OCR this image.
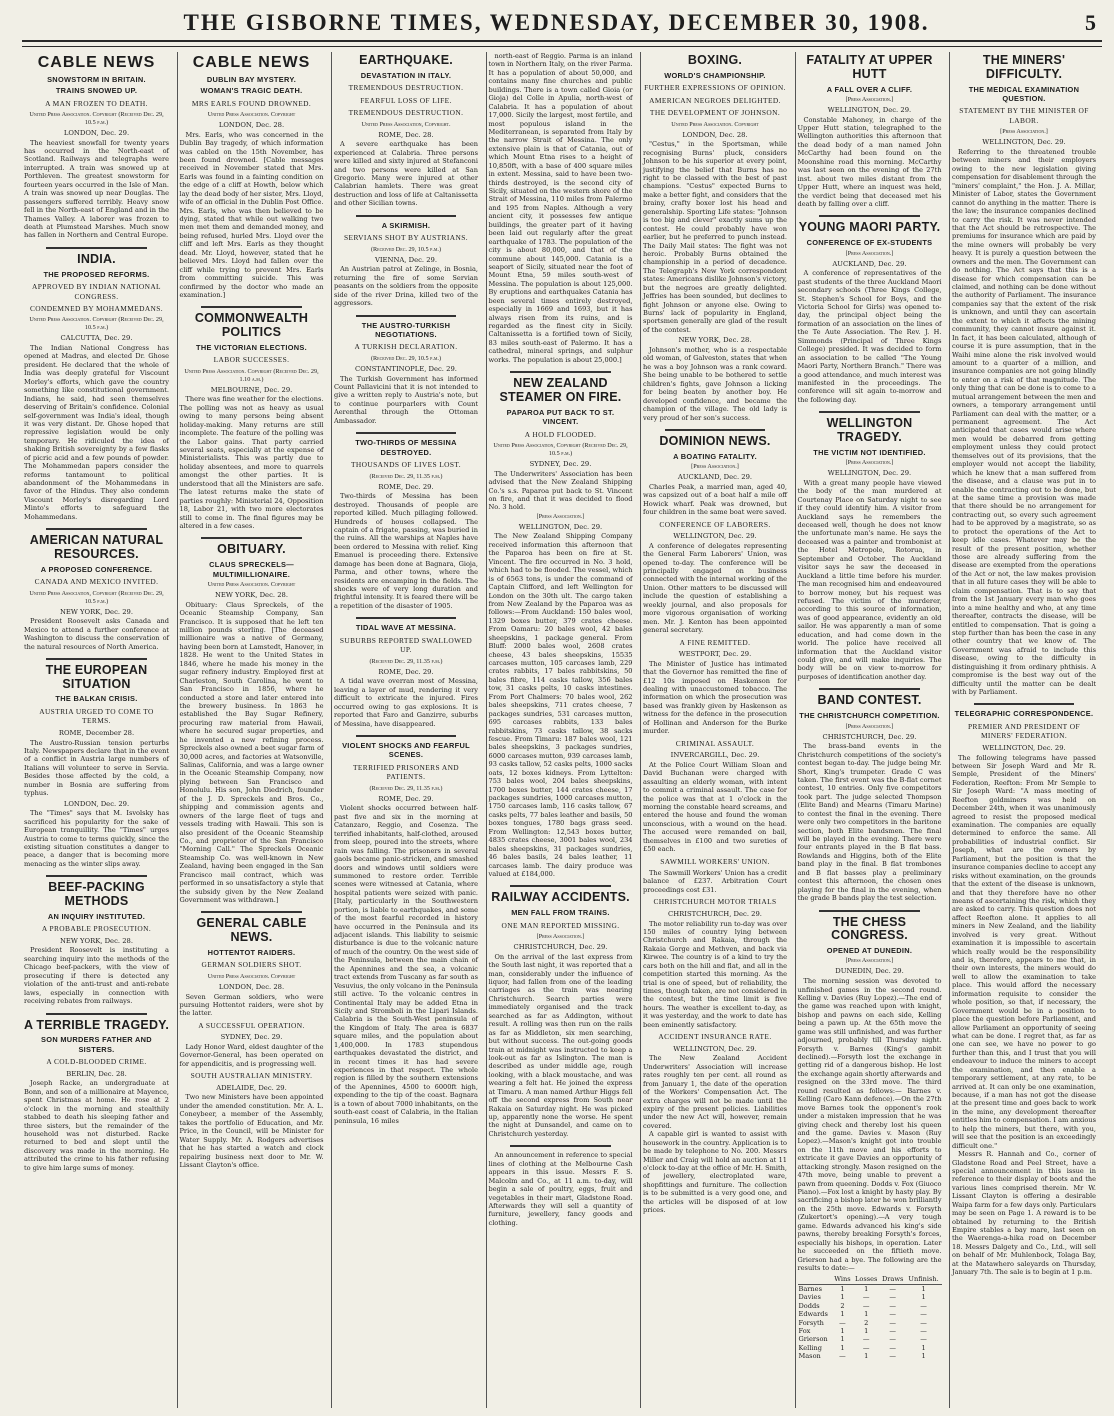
THE GISBORNE TIMES, WEDNESDAY, DECEMBER 30, 1908.	5
CABLE NEWS
SNOWSTORM IN BRITAIN.
TRAINS SNOWED UP.
A MAN FROZEN TO DEATH.
United Press Association. Copyright (Received Dec. 29, 10.5 p.m.)
LONDON, Dec. 29.
The heaviest snowfall for twenty years has occurred in the North-east of Scotland. Railways and telegraphs were interrupted. A train was snowed up at Porthleven. The greatest snowstorm for fourteen years occurred in the Isle of Man. A train was snowed up near Douglas. The passengers suffered terribly. Heavy snow fell in the North-east of England and in the Thames Valley. A laborer was frozen to death at Plumstead Marshes. Much snow has fallen in Northern and Central Europe.
INDIA.
THE PROPOSED REFORMS.
APPROVED BY INDIAN NATIONAL CONGRESS.
CONDEMNED BY MOHAMMEDANS.
United Press Association. Copyright (Received Dec. 29, 10.5 p.m.)
CALCUTTA, Dec. 29.
The Indian National Congress has opened at Madras, and elected Dr. Ghose president. He declared that the whole of India was deeply grateful for Viscount Morley's efforts, which gave the country something like constitutional government. Indians, he said, had seen themselves deserving of Britain's confidence. Colonial self-government was India's ideal, though it was very distant. Dr. Ghose hoped that repressive legislation would be only temporary. He ridiculed the idea of shaking British sovereignty by a few flasks of picric acid and a few pounds of powder. The Mohammedan papers consider the reforms tantamount to political abandonment of the Mohammedans in favor of the Hindus. They also condemn Viscount Morley's disregarding Lord Minto's efforts to safeguard the Mohammedans.
AMERICAN NATURAL RESOURCES.
A PROPOSED CONFERENCE.
CANADA AND MEXICO INVITED.
United Press Association, Copyright (Received Dec. 29, 10.5 p.m.)
NEW YORK, Dec. 29.
President Roosevelt asks Canada and Mexico to attend a further conference at Washington to discuss the conservation of the natural resources of North America.
THE EUROPEAN SITUATION
THE BALKAN CRISIS.
AUSTRIA URGED TO COME TO TERMS.
ROME, December 28.
The Austro-Russian tension perturbs Italy. Newspapers declare that in the event of a conflict in Austria large numbers of Italians will volunteer to serve in Servia. Besides those affected by the cold, a number in Bosnia are suffering from typhus.
LONDON, Dec. 29.
The "Times" says that M. Isvolsky has sacrificed his popularity for the sake of European tranquillity. The "Times" urges Austria to come to terms quickly, since the existing situation constitutes a danger to peace, a danger that is becoming more menacing as the winter slips away.
BEEF-PACKING METHODS
AN INQUIRY INSTITUTED.
A PROBABLE PROSECUTION.
NEW YORK, Dec. 28.
President Roosevelt is instituting a searching inquiry into the methods of the Chicago beef-packers, with the view of prosecuting if there is detected any violation of the anti-trust and anti-rebate laws, especially in connection with receiving rebates from railways.
A TERRIBLE TRAGEDY.
SON MURDERS FATHER AND SISTERS.
A COLD-BLOODED CRIME.
BERLIN, Dec. 28.
Joseph Racke, an undergraduate at Bonn, and son of a millionaire at Mayence, spent Christmas at home. He rose at 2 o'clock in the morning and stealthily stabbed to death his sleeping father and three sisters, but the remainder of the household was not disturbed. Racke returned to bed and slept until the discovery was made in the morning. He attributed the crime to his father refusing to give him large sums of money.
CABLE NEWS
DUBLIN BAY MYSTERY.
WOMAN'S TRAGIC DEATH.
MRS EARLS FOUND DROWNED.
United Press Association. Copyright
LONDON, Dec. 28.
Mrs. Earls, who was concerned in the Dublin Bay tragedy, of which information was cabled on the 15th November, has been found drowned. [Cable messages received in November stated that Mrs. Earls was found in a fainting condition on the edge of a cliff at Howth, below which lay the dead body of her sister, Mrs. Lloyd, wife of an official in the Dublin Post Office. Mrs. Earls, who was then believed to be dying, stated that while out walking two men met them and demanded money, and being refused, hurled Mrs. Lloyd over the cliff and left Mrs. Earls as they thought dead. Mr. Lloyd, however, stated that he believed Mrs. Lloyd had fallen over the cliff while trying to prevent Mrs. Earls from committing suicide. This was confirmed by the doctor who made an examination.]
COMMONWEALTH POLITICS
THE VICTORIAN ELECTIONS.
LABOR SUCCESSES.
United Press Association. Copyright (Received Dec. 29, 1.10 a.m.)
MELBOURNE, Dec. 29.
There was fine weather for the elections. The polling was not as heavy as usual owing to many persons being absent holiday-making. Many returns are still incomplete. The feature of the polling was the Labor gains. That party carried several seats, especially at the expense of Ministerialists. This was partly due to holiday absentees, and more to quarrels amongst the other parties. It is understood that all the Ministers are safe. The latest returns make the state of parties roughly: Ministerial 24, Opposition 18, Labor 21, with two more electorates still to come in. The final figures may be altered in a few cases.
OBITUARY.
CLAUS SPRECKELS—MULTIMILLIONAIRE.
United Press Association. Copyright
NEW YORK, Dec. 28.
Obituary: Claus Spreckels, of the Oceanic Steamship Company, San Francisco. It is supposed that he left ten million pounds sterling. [The deceased millionaire was a native of Germany, having been born at Lamstedt, Hanover, in 1828. He went to the United States in 1846, where he made his money in the sugar refinery industry. Employed first at Charleston, South Carolina, he went to San Francisco in 1856, where he conducted a store and later entered into the brewery business. In 1863 he established the Bay Sugar Refinery, procuring raw material from Hawaii, where he secured sugar properties, and he invented a new refining process. Spreckels also owned a beet sugar farm of 30,000 acres, and factories at Watsonville, Salinas, California, and was a large owner in the Oceanic Steamship Company, now plying between San Francisco and Honolulu. His son, John Diedrich, founder of the J. D. Spreckels and Bros. Co., shipping and commission agents and owners of the large fleet of tugs and vessels trading with Hawaii. This son is also president of the Oceanic Steamship Co., and proprietor of the San Francisco "Morning Call." The Spreckels Oceanic Steamship Co. was well-known in New Zealand, having been engaged in the San Francisco mail contract, which was performed in so unsatisfactory a style that the subsidy given by the New Zealand Government was withdrawn.]
GENERAL CABLE NEWS.
HOTTENTOT RAIDERS.
GERMAN SOLDIERS SHOT.
United Press Association. Copyright
LONDON, Dec. 28.
Seven German soldiers, who were pursuing Hottentot raiders, were shot by the latter.
A SUCCESSFUL OPERATION.
SYDNEY, Dec. 29.
Lady Honor Ward, eldest daughter of the Governor-General, has been operated on for appendicitis, and is progressing well.
SOUTH AUSTRALIAN MINISTRY.
ADELAIDE, Dec. 29.
Two new Ministers have been appointed under the amended constitution. Mr. A. L. Coneybeer, a member of the Assembly, takes the portfolio of Education, and Mr. Price, in the Council, will be Minister for Water Supply. Mr. A. Rodgers advertises that he has started a watch and clock repairing business next door to Mr. W. Lissant Clayton's office.
EARTHQUAKE.
DEVASTATION IN ITALY.
TREMENDOUS DESTRUCTION.
FEARFUL LOSS OF LIFE.
TREMENDOUS DESTRUCTION.
United Press Association, Copyright.
ROME, Dec. 28.
A severe earthquake has been experienced at Calabria. Three persons were killed and sixty injured at Stefanconi and two persons were killed at San Gregorio. Many were injured at other Calabrian hamlets. There was great destruction and loss of life at Caltanissetta and other Sicilian towns.
A SKIRMISH.
SERVIANS SHOT BY AUSTRIANS.
(Received Dec. 29, 10.5 p.m.)
VIENNA, Dec. 29.
An Austrian patrol at Zelinge, in Bosnia, returning the fire of some Servian peasants on the soldiers from the opposite side of the river Drina, killed two of the aggressors.
THE AUSTRO-TURKISH NEGOTIATIONS.
A TURKISH DECLARATION.
(Received Dec. 29, 10.5 p.m.)
CONSTANTINOPLE, Dec. 29.
The Turkish Government has informed Count Pallavicini that it is not intended to give a written reply to Austria's note, but to continue pourparlers with Count Aerenthal through the Ottoman Ambassador.
TWO-THIRDS OF MESSINA DESTROYED.
THOUSANDS OF LIVES LOST.
(Received Dec. 29, 11.35 p.m.)
ROME, Dec. 29.
Two-thirds of Messina has been destroyed. Thousands of people are reported killed. Much pillaging followed. Hundreds of houses collapsed. The captain of a frigate, passing, was buried in the ruins. All the warships at Naples have been ordered to Messina with relief. King Emanuel is proceeding there. Extensive damage has been done at Bagnara, Gioja, Parma, and other towns, where the residents are encamping in the fields. The shocks were of very long duration and frightful intensity. It is feared there will be a repetition of the disaster of 1905.
TIDAL WAVE AT MESSINA.
SUBURBS REPORTED SWALLOWED UP.
(Received Dec. 29, 11.35 p.m.)
ROME, Dec. 29.
A tidal wave overran most of Messina, leaving a layer of mud, rendering it very difficult to extricate the injured. Fires occurred owing to gas explosions. It is reported that Faro and Ganzirre, suburbs of Messina, have disappeared.
VIOLENT SHOCKS AND FEARFUL SCENES.
TERRIFIED PRISONERS AND PATIENTS.
(Received Dec. 29, 11.35 p.m.)
ROME, Dec. 29.
Violent shocks occurred between half-past five and six in the morning at Catanzaro, Reggio, and Cosenza. The terrified inhabitants, half-clothed, aroused from sleep, poured into the streets, where rain was falling. The prisoners in several gaols became panic-stricken, and smashed doors and windows until soldiers were summoned to restore order. Terrible scenes were witnessed at Catania, where hospital patients were seized with panic. [Italy, particularly in the Southwestern portion, is liable to earthquakes, and some of the most fearful recorded in history have occurred in the Peninsula and its adjacent islands. This liability to seismic disturbance is due to the volcanic nature of much of the country. On the west side of the Peninsula, between the main chain of the Apennines and the sea, a volcanic tract extends from Tuscany as far south as Vesuvius, the only volcano in the Peninsula still active. To the volcanic centres in Continental Italy may be added Etna in Sicily and Stromboli in the Lipari Islands. Calabria is the South-West peninsula of the Kingdom of Italy. The area is 6837 square miles, and the population about 1,400,000. In 1783 stupendous earthquakes devastated the district, and in recent times it has had severe experiences in that respect. The whole region is filled by the southern extensions of the Apennines, 4500 to 6000ft high, expending to the tip of the coast. Bagnara is a town of about 7000 inhabitants, on the south-east coast of Calabria, in the Italian peninsula, 16 miles
north-east of Reggio. Parma is an inland town in Northern Italy, on the river Parma. It has a population of about 50,000, and contains many fine churches and public buildings. There is a town called Gioia (or Gioja) del Colle in Apulia, north-west of Calabria. It has a population of about 17,000. Sicily the largest, most fertile, and most populous island in the Mediterranean, is separated from Italy by the narrow Strait of Messina. The only extensive plain is that of Catania, out of which Mount Etna rises to a height of 10,850ft, with a base of 400 square miles in extent. Messina, said to have been two-thirds destroyed, is the second city of Sicily, situated on the western shore of the Strait of Messina, 110 miles from Palermo and 195 from Naples. Although a very ancient city, it possesses few antique buildings, the greater part of it having been laid out regularly after the great earthquake of 1783. The population of the city is about 80,000, and that of the commune about 145,000. Catania is a seaport of Sicily, situated near the foot of Mount Etna, 59 miles south-west of Messina. The population is about 125,000. By eruptions and earthquakes Catania has been several times entirely destroyed, especially in 1669 and 1693, but it has always risen from its ruins, and is regarded as the finest city in Sicily. Caltanissetta is a fortified town of Sicily, 83 miles south-east of Palermo. It has a cathedral, mineral springs, and sulphur works. The population is about 25,000.]
NEW ZEALAND STEAMER ON FIRE.
PAPAROA PUT BACK TO ST. VINCENT.
A HOLD FLOODED.
United Press Association, Copyright (Received Dec. 29, 10.5 p.m.)
SYDNEY, Dec. 29.
The Underwriters' Association has been advised that the New Zealand Shipping Co.'s s.s. Paparoa put back to St. Vincent on fire, and that it was decided to flood No. 3 hold.
[Press Association.]
WELLINGTON, Dec. 29.
The New Zealand Shipping Company received information this afternoon that the Paparoa has been on fire at St. Vincent. The fire occurred in No. 3 hold, which had to be flooded. The vessel, which is of 6563 tons, is under the command of Captain Clifford, and left Wellington for London on the 30th ult. The cargo taken from New Zealand by the Paparoa was as follows:—From Auckland: 150 bales wool, 1329 boxes butter, 379 crates cheese. From Oamaru: 20 bales wool, 42 bales sheepskins, 1 package general. From Bluff: 2000 bales wool, 2608 crates cheese, 43 bales sheepskins, 15535 carcases mutton, 105 carcases lamb, 229 crates rabbits, 17 bales rabbitskins, 50 bales fibre, 114 casks tallow, 356 bales tow, 31 casks pelts, 10 casks intestines. From Port Chalmers: 70 bales wool, 262 bales sheepskins, 711 crates cheese, 7 packages sundries, 531 carcases mutton, 695 carcases rabbits, 133 bales rabbitskins, 73 casks tallow, 38 sacks fescue. From Timaru: 187 bales wool, 121 bales sheepskins, 3 packages sundries, 6000 carcases mutton, 939 carcases lamb, 93 casks tallow, 52 casks pelts, 1000 sacks oats, 12 boxes kidneys. From Lyttelton: 753 bales wool, 204 bales sheepskins, 1700 boxes butter, 144 crates cheese, 17 packages sundries, 1000 carcases mutton, 1750 carcases lamb, 116 casks tallow, 67 casks pelts, 77 bales leather and basils, 50 boxes tongues, 1780 bags grass seed. From Wellington: 12,543 boxes butter, 4835 crates cheese, 3001 bales wool, 234 bales sheepskins, 31 packages sundries, 46 bales basils, 24 bales leather, 11 carcases lamb. The dairy produce was valued at £184,000.
RAILWAY ACCIDENTS.
MEN FALL FROM TRAINS.
ONE MAN REPORTED MISSING.
[Press Association.]
CHRISTCHURCH, Dec. 29.
On the arrival of the last express from the South last night, it was reported that a man, considerably under the influence of liquor, had fallen from one of the leading carriages as the train was nearing Christchurch. Search parties were immediately organised and the track searched as far as Addington, without result. A rolling was then run on the rails as far as Middleton, six men searching, but without success. The out-going goods train at midnight was instructed to keep a look-out as far as Islington. The man is described as under middle age, rough looking, with a black moustache, and was wearing a felt hat. He joined the express at Timaru. A man named Arthur Higgs fell off the second express from South near Rakaia on Saturday night. He was picked up, apparently none the worse. He spent the night at Dunsandel, and came on to Christchurch yesterday.
An announcement in reference to special lines of clothing at the Melbourne Cash appears in this issue. Messrs F. S. Malcolm and Co., at 11 a.m. to-day, will begin a sale of poultry, eggs, fruit and vegetables in their mart, Gladstone Road. Afterwards they will sell a quantity of furniture, jewellery, fancy goods and clothing.
BOXING.
WORLD'S CHAMPIONSHIP.
FURTHER EXPRESSIONS OF OPINION.
AMERICAN NEGROES DELIGHTED.
THE DEVELOPMENT OF JOHNSON.
United Press Association. Copyright
LONDON, Dec. 28.
"Cestus," in the Sportsman, while recognising Burns' pluck, considers Johnson to be his superior at every point, justifying the belief that Burns has no right to be classed with the best of past champions. "Cestus" expected Burns to make a better fight, and considers that the brainy, crafty boxer lost his head and generalship. Sporting Life states: "Johnson is too big and clever" exactly sums up the contest. He could probably have won earlier, but he preferred to punch instead. The Daily Mail states: The fight was not heroic. Probably Burns obtained the championship in a period of decadence. The Telegraph's New York correspondent states: Americans dislike Johnson's victory, but the negroes are greatly delighted. Jeffries has been sounded, but declines to fight Johnson or anyone else. Owing to Burns' lack of popularity in England, sportsmen generally are glad of the result of the contest.
NEW YORK, Dec. 28.
Johnson's mother, who is a respectable old woman, of Galveston, states that when he was a boy Johnson was a rank coward. She being unable to be bothered to settle children's fights, gave Johnson a licking for being beaten by another boy. He developed confidence, and became the champion of the village. The old lady is very proud of her son's success.
DOMINION NEWS.
A BOATING FATALITY.
[Press Association.]
AUCKLAND, Dec. 29.
Charles Peak, a married man, aged 40, was capsized out of a boat half a mile off Howick wharf. Peak was drowned, but four children in the same boat were saved.
CONFERENCE OF LABORERS.
WELLINGTON, Dec. 29.
A conference of delegates representing the General Farm Laborers' Union, was opened to-day. The conference will be principally engaged on business connected with the internal working of the Union. Other matters to be discussed will include the question of establishing a weekly journal, and also proposals for more vigorous organisation of working men. Mr. J. Kenton has been appointed general secretary.
A FINE REMITTED.
WESTPORT, Dec. 29.
The Minister of Justice has intimated that the Governor has remitted the fine of £12 10s imposed on Haskenson for dealing with unaccustomed tobacco. The information on which the prosecution was based was frankly given by Haskenson as witness for the defence in the prosecution of Hollinan and Anderson for the Burke murder.
CRIMINAL ASSAULT.
INVERCARGILL, Dec. 29.
At the Police Court William Sloan and David Buchanan were charged with assaulting an elderly woman, with intent to commit a criminal assault. The case for the police was that at 1 o'clock in the morning the constable heard screams, and entered the house and found the woman unconscious, with a wound on the head. The accused were remanded on bail, themselves in £100 and two sureties of £50 each.
SAWMILL WORKERS' UNION.
The Sawmill Workers' Union has a credit balance of £237. Arbitration Court proceedings cost £31.
CHRISTCHURCH MOTOR TRIALS
CHRISTCHURCH, Dec. 29.
The motor reliability run to-day was over 150 miles of country lying between Christchurch and Rakaia, through the Rakaia Gorge and Methven, and back via Kirwee. The country is of a kind to try the cars both on the hill and flat, and all in the competition started this morning. As the trial is one of speed, but of reliability, the times, though taken, are not considered in the contest, but the time limit is five hours. The weather is excellent to-day, as it was yesterday, and the work to date has been eminently satisfactory.
ACCIDENT INSURANCE RATE.
WELLINGTON, Dec. 29.
The New Zealand Accident Underwriters' Association will increase rates roughly ten per cent. all round as from January 1, the date of the operation of the Workers' Compensation Act. The extra charges will not be made until the expiry of the present policies. Liabilities under the new Act will, however, remain covered.
A capable girl is wanted to assist with housework in the country. Application is to be made by telephone to No. 200. Messrs Miller and Craig will hold an auction at 11 o'clock to-day at the office of Mr. H. Smith, of jewellery, electroplated ware, shopfittings and furniture. The collection is to be submitted is a very good one, and the articles will be disposed of at low prices.
FATALITY AT UPPER HUTT
A FALL OVER A CLIFF.
[Press Association.]
WELLINGTON, Dec. 29.
Constable Mahoney, in charge of the Upper Hutt station, telegraphed to the Wellington authorities this afternoon that the dead body of a man named John McCarthy had been found on the Moonshine road this morning. McCarthy was last seen on the evening of the 27th inst. about two miles distant from the Upper Hutt, where an inquest was held, the verdict being that deceased met his death by falling over a cliff.
YOUNG MAORI PARTY.
CONFERENCE OF EX-STUDENTS
[Press Association.]
AUCKLAND, Dec. 29.
A conference of representatives of the past students of the three Auckland Maori secondary schools (Three Kings College, St. Stephen's School for Boys, and the Victoria School for Girls) was opened to-day, the principal object being the formation of an association on the lines of the Te Aute Association. The Rev. J. H. Simmonds (Principal of Three Kings College) presided. It was decided to form an association to be called "The Young Maori Party, Northern Branch." There was a good attendance, and much interest was manifested in the proceedings. The conference will sit again to-morrow and the following day.
WELLINGTON TRAGEDY.
THE VICTIM NOT IDENTIFIED.
[Press Association.]
WELLINGTON, Dec. 29.
With a great many people have viewed the body of the man murdered at Courtenay Place on Saturday night to see if they could identify him. A visitor from Auckland says he remembers the deceased well, though he does not know the unfortunate man's name. He says the deceased was a painter and trombonist at the Hotel Metropole, Rotorua, in September and October. The Auckland visitor says he saw the deceased in Auckland a little time before his murder. The man recognised him and endeavoured to borrow money, but his request was refused. The victim of the murderer, according to this source of information, was of good appearance, evidently an old sailor. He was apparently a man of some education, and had come down in the world. The police have received all information that the Auckland visitor could give, and will make inquiries. The body will be on view to-morrow for purposes of identification another day.
BAND CONTEST.
THE CHRISTCHURCH COMPETITION.
[Press Association.]
CHRISTCHURCH, Dec. 29.
The brass-band events in the Christchurch competitions of the society's contest began to-day. The judge being Mr. Short, King's trumpeter. Grade C was taken. The first event was the B-flat cornet contest, 10 entries. Only five competitors took part. The judge selected Thompson (Elite Band) and Mearns (Timaru Marine) to contest the final in the evening. There were only two competitors in the baritone section, both Elite bandsmen. The final will be played in the evening. There were four entrants played in the B flat bass. Rowlands and Higgins, both of the Elite band play in the final. B flat trombones and B flat basses play a preliminary contest this afternoon, the chosen ones playing for the final in the evening, when the grade B bands play the test selection.
THE CHESS CONGRESS.
OPENED AT DUNEDIN.
[Press Association.]
DUNEDIN, Dec. 29.
The morning session was devoted to unfinished games in the second round. Kelling v. Davies (Ruy Lopez).—The end of the game was reached upon with knight, bishop and pawns on each side, Kelling being a pawn up. At the 65th move the game was still unfinished, and was further adjourned, probably till Thursday night. Forsyth v. Barnes (King's gambit declined).—Forsyth lost the exchange in getting rid of a dangerous bishop. He lost the exchange again shortly afterwards and resigned on the 33rd move. The third round resulted as follows:— Barnes v. Kelling (Caro Kann defence).—On the 27th move Barnes took the opponent's rook under a mistaken impression that he was giving check and thereby lost his queen and the game. Davies v. Mason (Ruy Lopez).—Mason's knight got into trouble on the 11th move and his efforts to extricate it gave Davies an opportunity of attacking strongly. Mason resigned on the 47th move, being unable to prevent a pawn from queening. Dodds v. Fox (Giuoco Piano).—Fox lost a knight by hasty play. By sacrificing a bishop later he won brilliantly on the 25th move. Edwards v. Forsyth (Zukertort's opening).—A very tough game. Edwards advanced his king's side pawns, thereby breaking Forsyth's forces, especially his bishops, in operation. Later he succeeded on the fiftieth move. Grierson had a bye. The following are the results to date:—
	Wins	Losses	Draws	Unfinish.
Barnes	1	1	—	1
Davies	1	—	—	1
Dodds	2	—	—	—
Edwards	1	1	—	—
Forsyth	—	2	—	—
Fox	1	1	—	—
Grierson	1	—	—	—
Kelling	1	—	—	1
Mason	—	1	—	1
THE MINERS' DIFFICULTY.
THE MEDICAL EXAMINATION QUESTION.
STATEMENT BY THE MINISTER OF LABOR.
[Press Association.]
WELLINGTON, Dec. 29.
Referring to the threatened trouble between miners and their employers owing to the new legislation giving compensation for disablement through the "miners' complaint," the Hon. J. A. Millar, Minister of Labor, states the Government cannot do anything in the matter. There is the law; the insurance companies declined to carry the risk. It was never intended that the Act should be retrospective. The premiums for insurance which are paid by the mine owners will probably be very heavy. It is purely a question between the owners and the men. The Government can do nothing. The Act says that this is a disease for which compensation can be claimed, and nothing can be done without the authority of Parliament. The insurance companies say that the extent of the risk is unknown, and until they can ascertain the extent to which it affects the mining community, they cannot insure against it. In fact, it has been calculated, although of course it is pure assumption, that in the Waihi mine alone the risk involved would amount to a quarter of a million, and insurance companies are not going blindly to enter on a risk of that magnitude. The only thing that can be done is to come to a mutual arrangement between the men and owners, a temporary arrangement until Parliament can deal with the matter, or a permanent agreement. The Act anticipated that cases would arise where men would be debarred from getting employment unless they could protect themselves out of its provisions, that the employer would not accept the liability, which he knew that a man suffered from the disease, and a clause was put in to enable the contracting out to be done, but at the same time a provision was made that there should be no arrangement for contracting out, so every such agreement had to be approved by a magistrate, so as to protect the operations of the Act to keep idle cases. Whatever may be the result of the present position, whether those are already suffering from the disease are exempted from the operations of the Act or not, the law makes provision that in all future cases they will be able to claim compensation. That is to say that from the 1st January every man who goes into a mine healthy and who, at any time thereafter, contracts the disease, will be entitled to compensation. That is going a step further than has been the case in any other country that we know of. The Government was afraid to include this disease, owing to the difficulty in distinguishing it from ordinary phthisis. A compromise is the best way out of the difficulty until the matter can be dealt with by Parliament.
TELEGRAPHIC CORRESPONDENCE.
PREMIER AND PRESIDENT OF MINERS' FEDERATION.
WELLINGTON, Dec. 29.
The following telegrams have passed between Sir Joseph Ward and Mr R. Semple, President of the Miners' Federation, Reefton: From Mr Semple to Sir Joseph Ward: "A mass meeting of Reefton goldminers was held on December 24th, when it was unanimously agreed to resist the proposed medical examination. The companies are equally determined to enforce the same. All probabilities of industrial conflict. Sir Joseph, what are the owners by Parliament, but the position is that the insurance companies decline to accept any risks without examination, on the grounds that the extent of the disease is unknown, and that they therefore have no other means of ascertaining the risk, which they are asked to carry. This question does not affect Reefton alone. It applies to all miners in New Zealand, and the liability involved is very great. Without examination it is impossible to ascertain which really would be the responsibility and is, therefore, appears to me that, in their own interests, the miners would do well to allow the examination to take place. This would afford the necessary information requisite to consider the whole position, so that, if necessary, the Government would be in a position to place the question before Parliament, and allow Parliament an opportunity of seeing what can be done. I regret that, as far as one can see, we have no power to go further than this, and I trust that you will endeavour to induce the miners to accept the examination, and then enable a temporary settlement, at any rate, to be arrived at. It can only be one examination, because, if a man has not got the disease at the present time and goes back to work in the mine, any development thereafter entitles him to compensation. I am anxious to help the miners, but there, with you, will see that the position is an exceedingly difficult one."
Messrs R. Hannah and Co., corner of Gladstone Road and Peel Street, have a special announcement in this issue in reference to their display of boots and the various lines comprised therein. Mr W. Lissant Clayton is offering a desirable Waipa farm for a few days only. Particulars may be seen on Page 1. A reward is to be obtained by returning to the British Empire stables a bay mare, last seen on the Waerenga-a-hika road on December 18. Messrs Dalgety and Co., Ltd., will sell on behalf of Mr. Muhlenbock, Tolaga Bay, at the Matawhero saleyards on Thursday, January 7th. The sale is to begin at 1 p.m.
